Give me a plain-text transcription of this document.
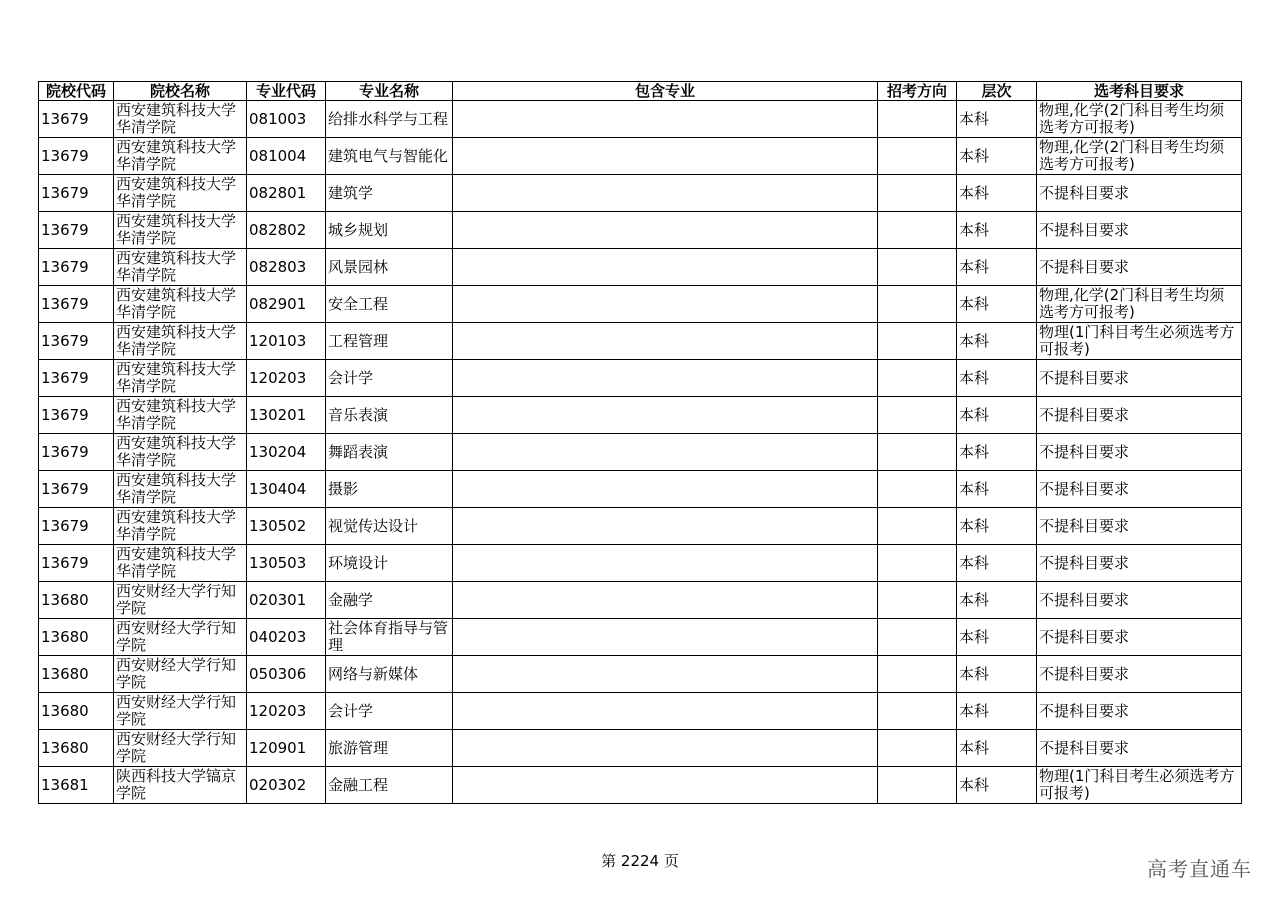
院校代码	院校名称	专业代码	专业名称	包含专业	招考方向	层次	选考科目要求
13679	西安建筑科技大学华清学院	081003	给排水科学与工程			本科	物理,化学(2门科目考生均须选考方可报考)
13679	西安建筑科技大学华清学院	081004	建筑电气与智能化			本科	物理,化学(2门科目考生均须选考方可报考)
13679	西安建筑科技大学华清学院	082801	建筑学			本科	不提科目要求
13679	西安建筑科技大学华清学院	082802	城乡规划			本科	不提科目要求
13679	西安建筑科技大学华清学院	082803	风景园林			本科	不提科目要求
13679	西安建筑科技大学华清学院	082901	安全工程			本科	物理,化学(2门科目考生均须选考方可报考)
13679	西安建筑科技大学华清学院	120103	工程管理			本科	物理(1门科目考生必须选考方可报考)
13679	西安建筑科技大学华清学院	120203	会计学			本科	不提科目要求
13679	西安建筑科技大学华清学院	130201	音乐表演			本科	不提科目要求
13679	西安建筑科技大学华清学院	130204	舞蹈表演			本科	不提科目要求
13679	西安建筑科技大学华清学院	130404	摄影			本科	不提科目要求
13679	西安建筑科技大学华清学院	130502	视觉传达设计			本科	不提科目要求
13679	西安建筑科技大学华清学院	130503	环境设计			本科	不提科目要求
13680	西安财经大学行知学院	020301	金融学			本科	不提科目要求
13680	西安财经大学行知学院	040203	社会体育指导与管理			本科	不提科目要求
13680	西安财经大学行知学院	050306	网络与新媒体			本科	不提科目要求
13680	西安财经大学行知学院	120203	会计学			本科	不提科目要求
13680	西安财经大学行知学院	120901	旅游管理			本科	不提科目要求
13681	陕西科技大学镐京学院	020302	金融工程			本科	物理(1门科目考生必须选考方可报考)
第 2224 页	高考直通车
